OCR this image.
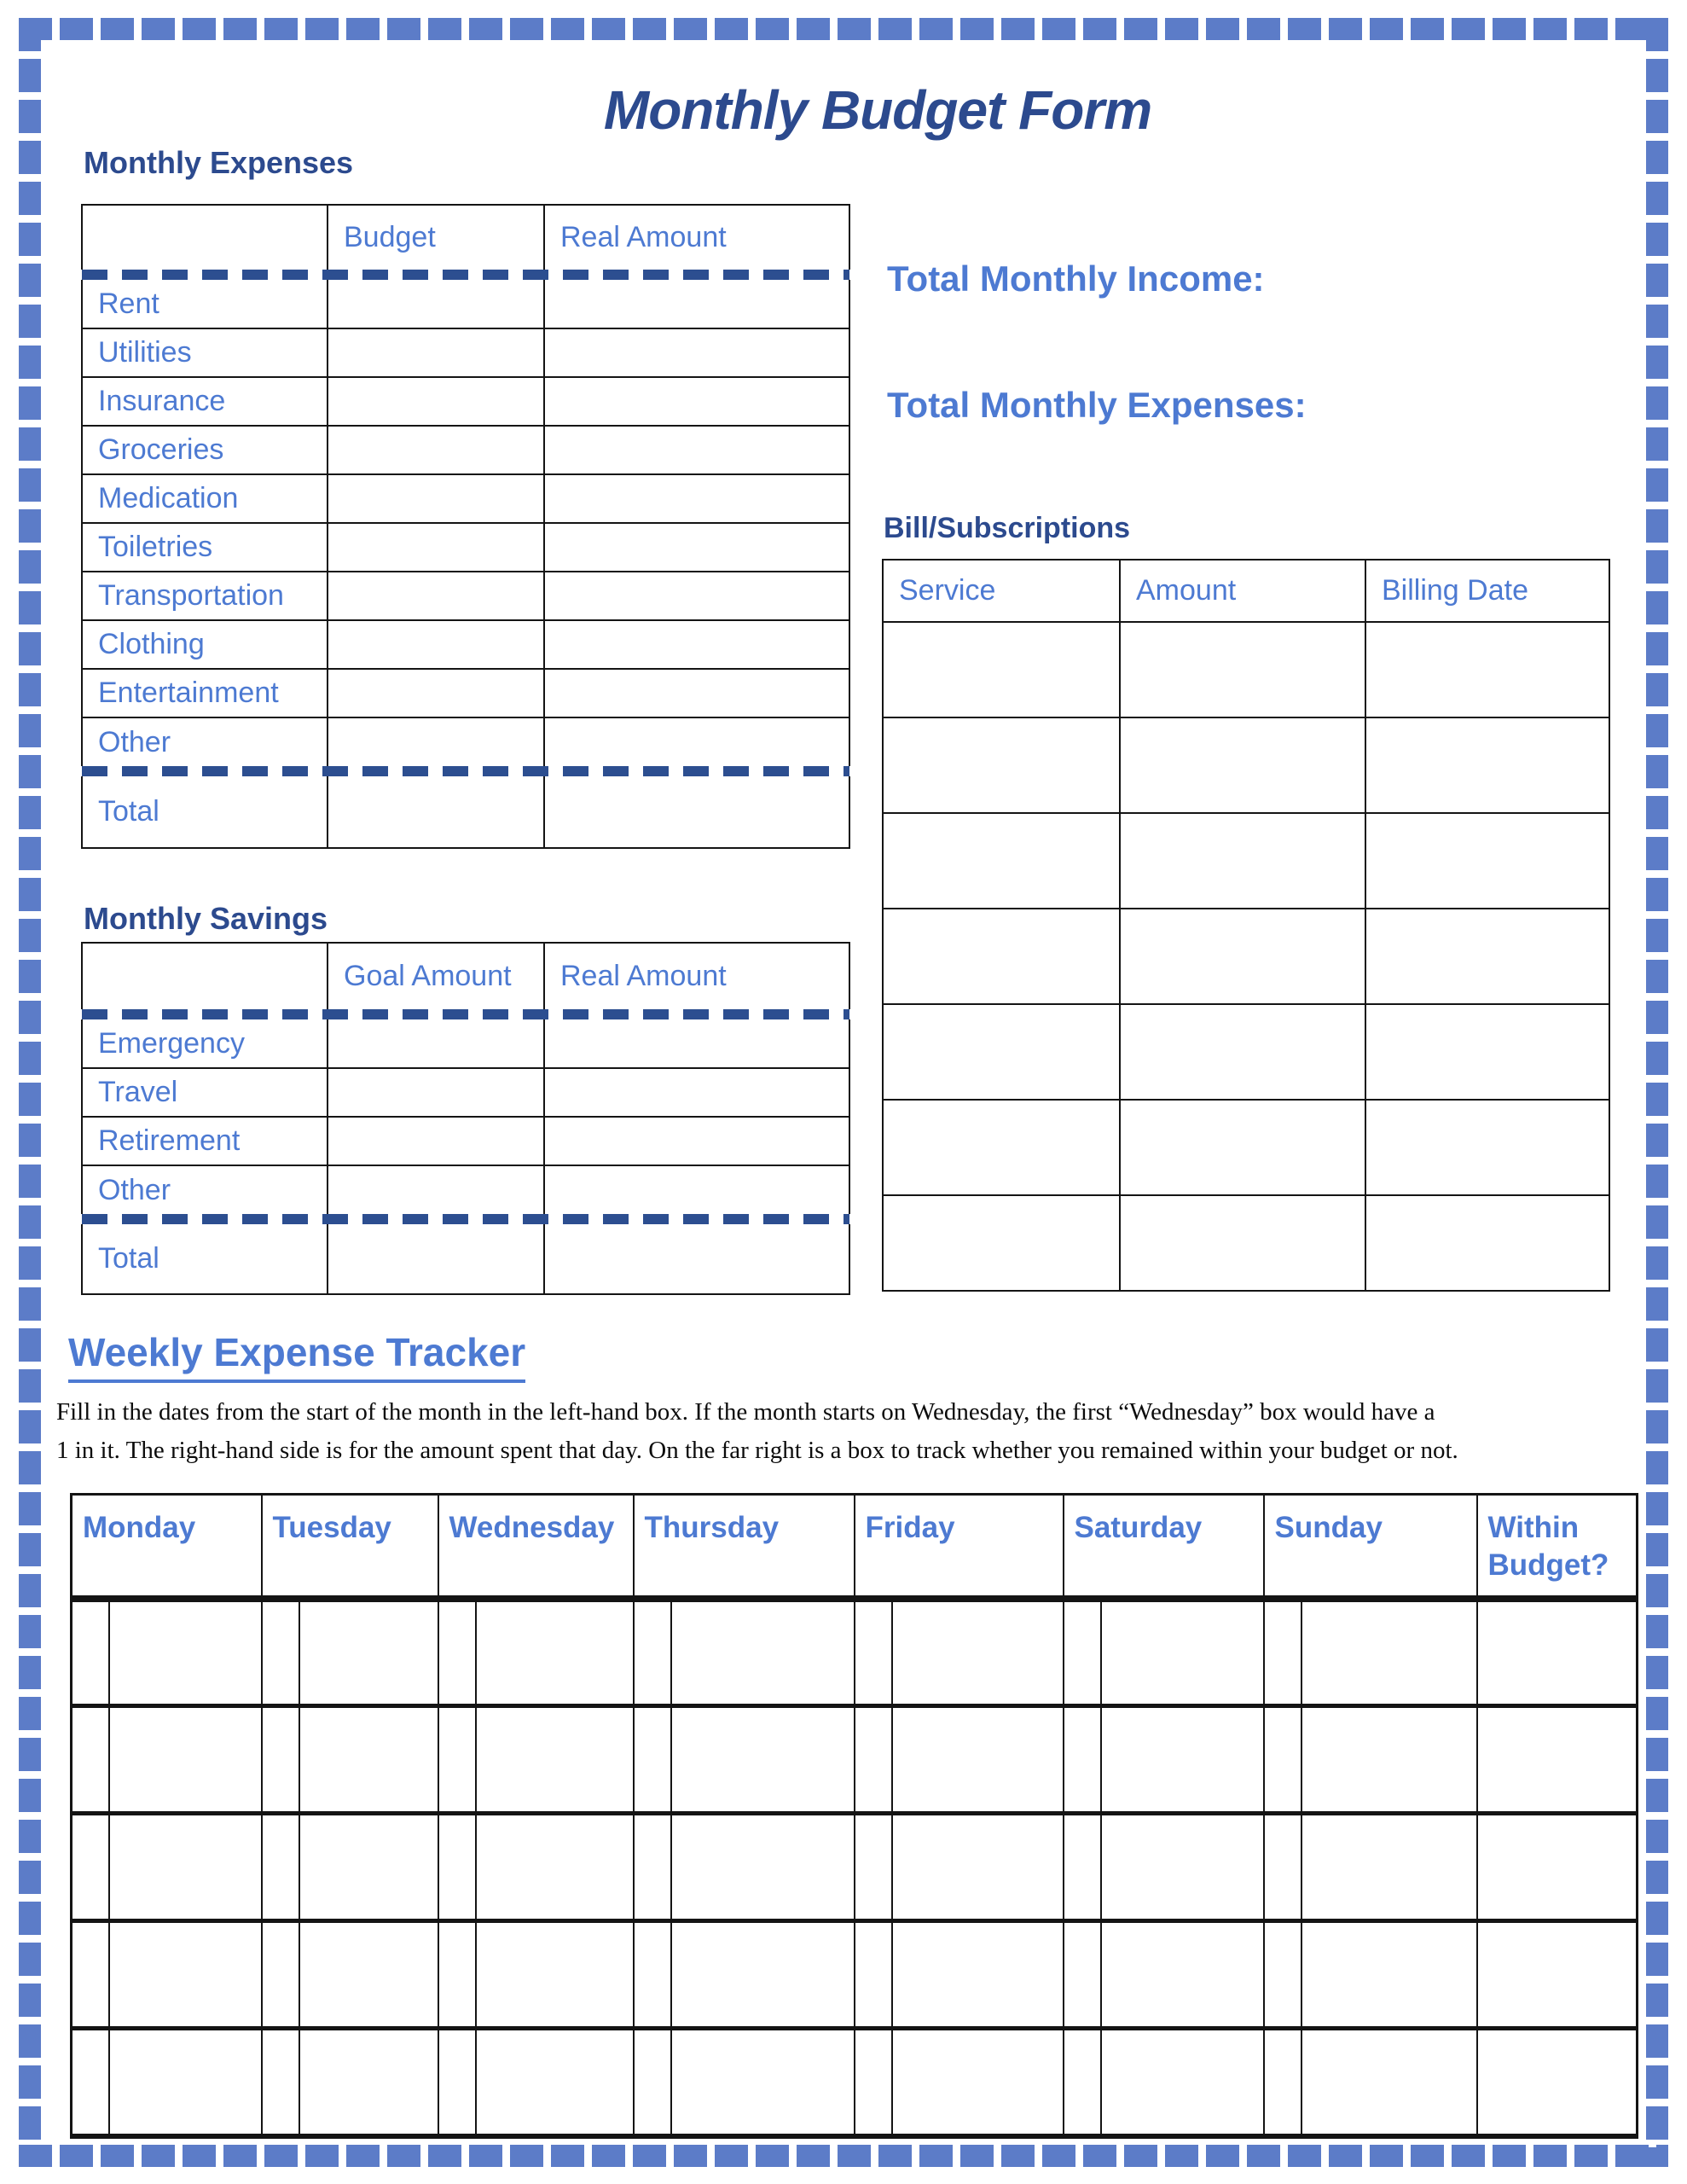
Monthly Budget Form
Monthly Expenses
	Budget	Real Amount

Rent		
Utilities		
Insurance		
Groceries		
Medication		
Toiletries		
Transportation		
Clothing		
Entertainment		
Other		

Total		
Total Monthly Income:
Total Monthly Expenses:
Bill/Subscriptions
Service	Amount	Billing Date

Monthly Savings
	Goal Amount	Real Amount

Emergency		
Travel		
Retirement		
Other		

Total		
Weekly Expense Tracker
Fill in the dates from the start of the month in the left-hand box. If the month starts on Wednesday, the first “Wednesday” box would have a
1 in it. The right-hand side is for the amount spent that day. On the far right is a box to track whether you remained within your budget or not.
Monday	Tuesday	Wednesday	Thursday	Friday	Saturday	Sunday	Within Budget?
